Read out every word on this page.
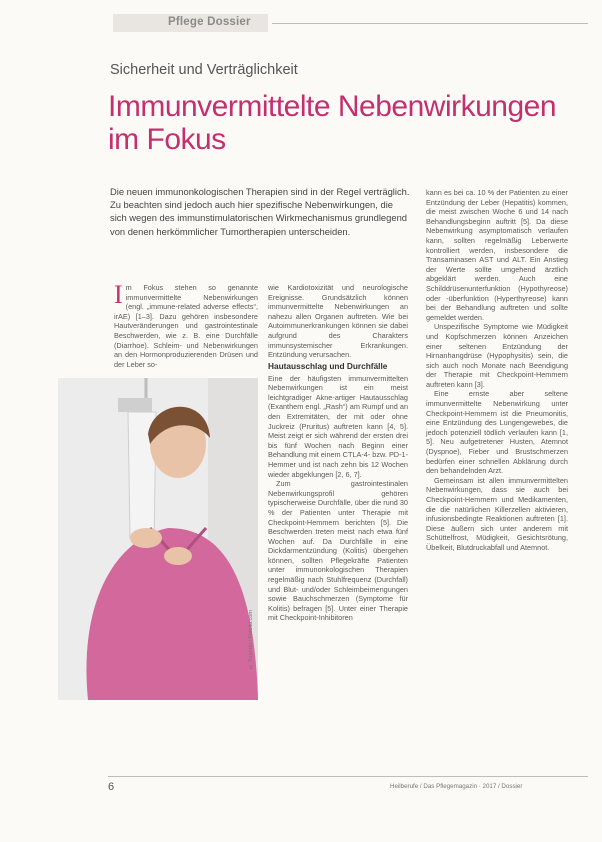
Pflege Dossier
Sicherheit und Verträglichkeit
Immunvermittelte Nebenwirkungen im Fokus
Die neuen immunonkologischen Therapien sind in der Regel verträglich. Zu beachten sind jedoch auch hier spezifische Nebenwirkungen, die sich wegen des immunstimulatorischen Wirkmechanismus grundlegend von denen herkömmlicher Tumortherapien unterscheiden.
Im Fokus stehen so genannte immunvermittelte Nebenwirkungen (engl. „immune-related adverse effects“, irAE) [1–3]. Dazu gehören insbesondere Hautveränderungen und gastrointestinale Beschwerden, wie z. B. eine Durchfälle (Diarrhoe). Schleim- und Nebenwirkungen an den Hormonproduzierenden Drüsen und der Leber so-

wie Kardiotoxizität und neurologische Ereignisse. Grundsätzlich können immunvermittelte Nebenwirkungen an nahezu allen Organen auftreten. Wie bei Autoimmunerkrankungen können sie dabei aufgrund des Charakters immunsystemischer Erkrankungen. Entzündung verursachen.

Hautausschlag und Durchfälle

Eine der häufigsten immunvermittelten Nebenwirkungen ist ein meist leichtgradiger Akne-artiger Hautausschlag (Exanthem engl. „Rash“) am Rumpf und an den Extremitäten, der mit oder ohne Juckreiz (Pruritus) auftreten kann [4, 5]. Meist zeigt er sich während der ersten drei bis fünf Wochen nach Beginn einer Behandlung mit einem CTLA-4- bzw. PD-1-Hemmer und ist nach zehn bis 12 Wochen wieder abgeklungen [2, 6, 7].

Zum gastrointestinalen Nebenwirkungsprofil gehören typischerweise Durchfälle, über die rund 30 % der Patienten unter Therapie mit Checkpoint-Hemmern berichten [5]. Die Beschwerden treten meist nach etwa fünf Wochen auf. Da Durchfälle in eine Dickdarmentzündung (Kolitis) übergehen können, sollten Pflegekräfte Patienten unter immunonkologischen Therapien regelmäßig nach Stuhlfrequenz (Durchfall) und Blut- und/oder Schleimbeimengungen sowie Bauchschmerzen (Symptome für Kolitis) befragen [5]. Unter einer Therapie mit Checkpoint-Inhibitoren

kann es bei ca. 10 % der Patienten zu einer Entzündung der Leber (Hepatitis) kommen, die meist zwischen Woche 6 und 14 nach Behandlungsbeginn auftritt [5]. Da diese Nebenwirkung asymptomatisch verlaufen kann, sollten regelmäßig Leberwerte kontrolliert werden, insbesondere die Transaminasen AST und ALT. Ein Anstieg der Werte sollte umgehend ärztlich abgeklärt werden. Auch eine Schilddrüsenunterfunktion (Hypothyreose) oder -überfunktion (Hyperthyreose) kann bei der Behandlung auftreten und sollte gemeldet werden.

Unspezifische Symptome wie Müdigkeit und Kopfschmerzen können Anzeichen einer seltenen Entzündung der Hirnanhangdrüse (Hypophysitis) sein, die sich auch noch Monate nach Beendigung der Therapie mit Checkpoint-Hemmern auftreten kann [3].

Eine ernste aber seltene immunvermittelte Nebenwirkung unter Checkpoint-Hemmern ist die Pneumonitis, eine Entzündung des Lungengewebes, die jedoch potenziell tödlich verlaufen kann [1, 5]. Neu aufgetretener Husten, Atemnot (Dyspnoe), Fieber und Brustschmerzen bedürfen einer schnellen Abklärung durch den behandelnden Arzt.

Gemeinsam ist allen immunvermittelten Nebenwirkungen, dass sie auch bei Checkpoint-Hemmern und Medikamenten, die die natürlichen Killerzellen aktivieren, infusionsbedingte Reaktionen auftreten [1]. Diese äußern sich unter anderem mit Schüttelfrost, Müdigkeit, Gesichtsrötung, Übelkeit, Blutdruckabfall und Atemnot.

© Kzenon / Fotolia.com
6	Heilberufe / Das Pflegemagazin · 2017 / Dossier
